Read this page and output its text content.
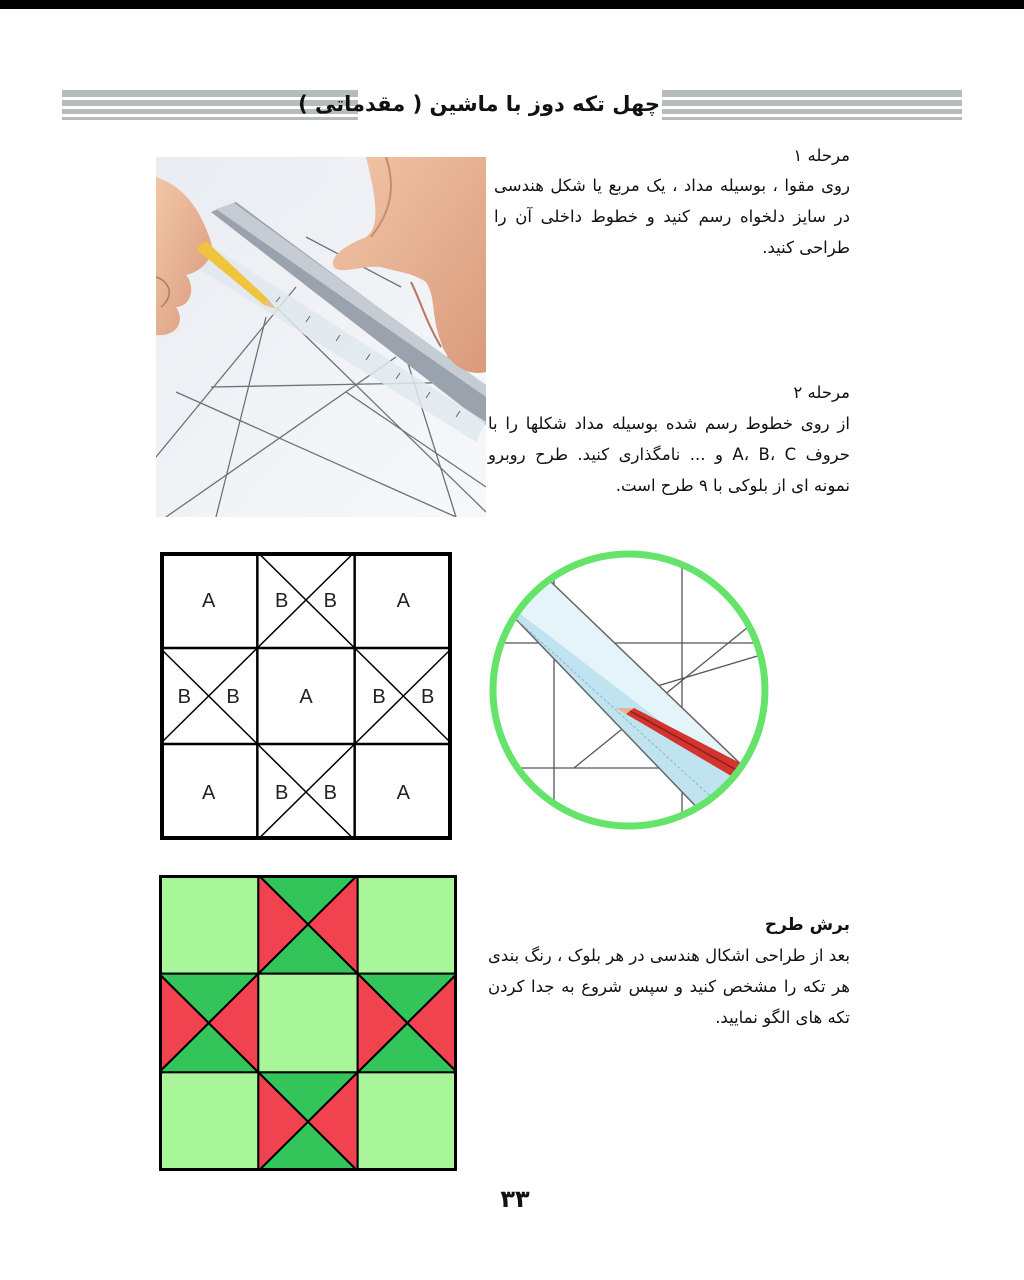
چهل تکه دوز با ماشین ( مقدماتی )
مرحله ۱
روی مقوا ، بوسیله مداد ، یک مربع یا شکل هندسی در سایز دلخواه رسم کنید و خطوط داخلی آن را طراحی کنید.
مرحله ۲
از روی خطوط رسم شده بوسیله مداد شکلها را با حروف A، B، C و ... نامگذاری کنید. طرح روبرو نمونه ای از بلوکی با ۹ طرح است.
A	B B	A
B B	A	B B
A	B B	A
برش طرح
بعد از طراحی اشکال هندسی در هر بلوک ، رنگ بندی هر تکه را مشخص کنید و سپس شروع به جدا کردن تکه های الگو نمایید.
۳۳
